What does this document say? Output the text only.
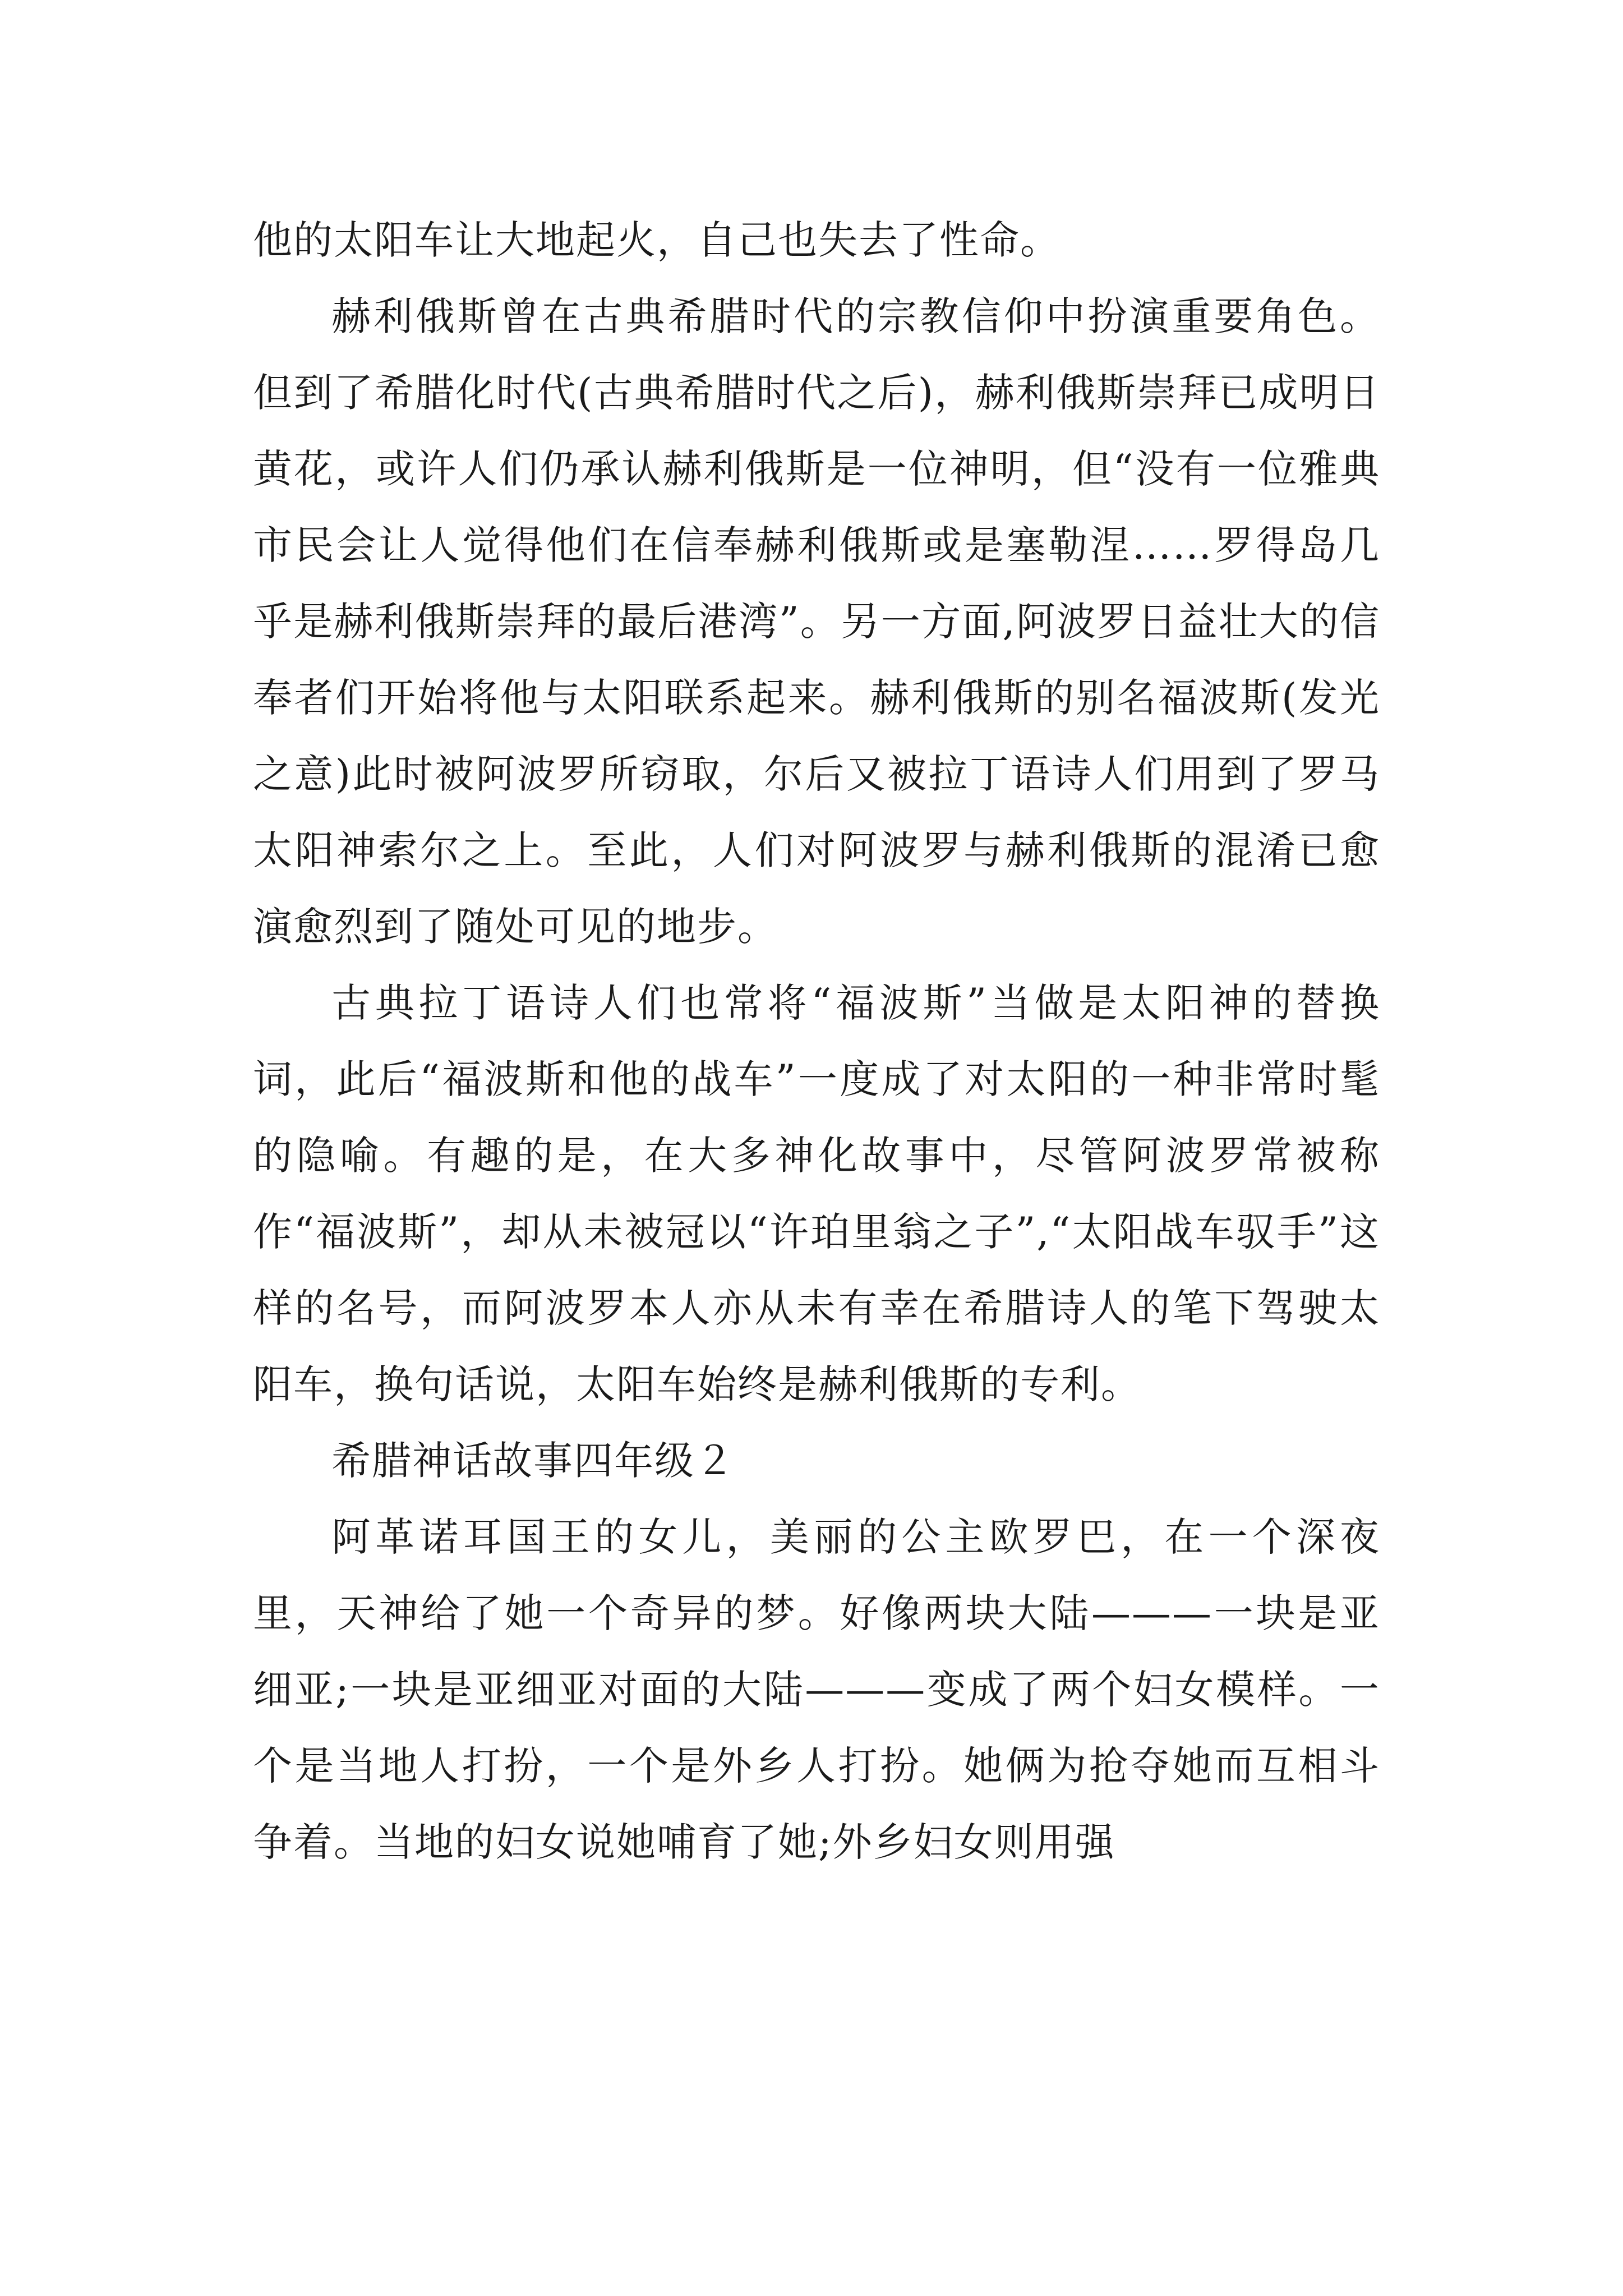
他的太阳车让大地起火，自己也失去了性命。

赫利俄斯曾在古典希腊时代的宗教信仰中扮演重要角色。但到了希腊化时代(古典希腊时代之后)，赫利俄斯崇拜已成明日黄花，或许人们仍承认赫利俄斯是一位神明，但“没有一位雅典市民会让人觉得他们在信奉赫利俄斯或是塞勒涅……罗得岛几乎是赫利俄斯崇拜的最后港湾”。另一方面,阿波罗日益壮大的信奉者们开始将他与太阳联系起来。赫利俄斯的别名福波斯(发光之意)此时被阿波罗所窃取，尔后又被拉丁语诗人们用到了罗马太阳神索尔之上。至此，人们对阿波罗与赫利俄斯的混淆已愈演愈烈到了随处可见的地步。

古典拉丁语诗人们也常将“福波斯”当做是太阳神的替换词，此后“福波斯和他的战车”一度成了对太阳的一种非常时髦的隐喻。有趣的是，在大多神化故事中，尽管阿波罗常被称作“福波斯”，却从未被冠以“许珀里翁之子”,“太阳战车驭手”这样的名号，而阿波罗本人亦从未有幸在希腊诗人的笔下驾驶太阳车，换句话说，太阳车始终是赫利俄斯的专利。

希腊神话故事四年级２

阿革诺耳国王的女儿，美丽的公主欧罗巴，在一个深夜里，天神给了她一个奇异的梦。好像两块大陆———一块是亚细亚;一块是亚细亚对面的大陆———变成了两个妇女模样。一个是当地人打扮，一个是外乡人打扮。她俩为抢夺她而互相斗争着。当地的妇女说她哺育了她;外乡妇女则用强
